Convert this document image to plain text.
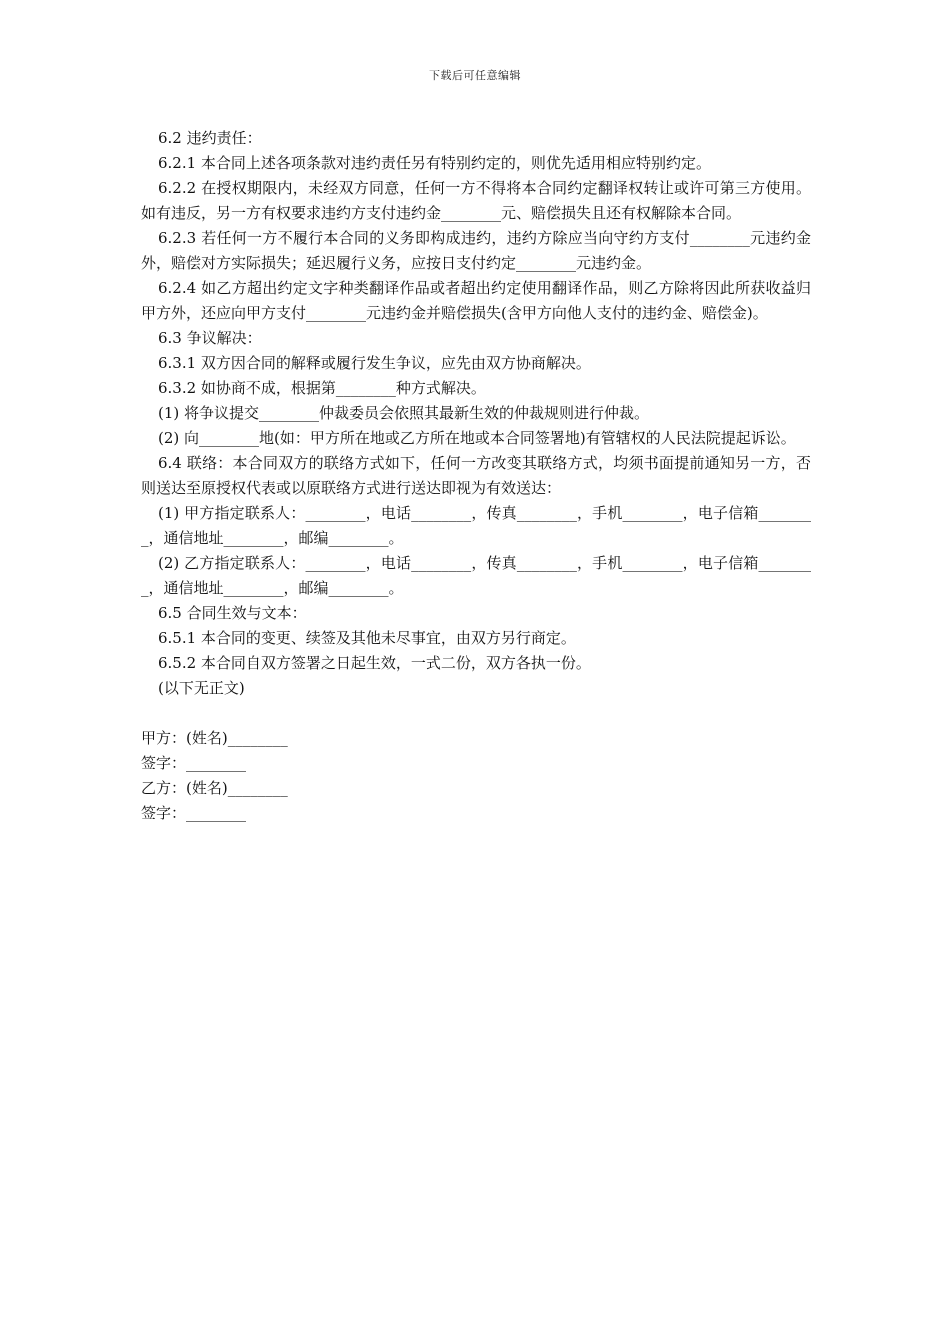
下载后可任意编辑

6.2 违约责任：

6.2.1 本合同上述各项条款对违约责任另有特别约定的，则优先适用相应特别约定。

6.2.2 在授权期限内，未经双方同意，任何一方不得将本合同约定翻译权转让或许可第三方使用。如有违反，另一方有权要求违约方支付违约金________元、赔偿损失且还有权解除本合同。

6.2.3 若任何一方不履行本合同的义务即构成违约，违约方除应当向守约方支付________元违约金外，赔偿对方实际损失；延迟履行义务，应按日支付约定________元违约金。

6.2.4 如乙方超出约定文字种类翻译作品或者超出约定使用翻译作品，则乙方除将因此所获收益归甲方外，还应向甲方支付________元违约金并赔偿损失(含甲方向他人支付的违约金、赔偿金)。

6.3 争议解决：

6.3.1 双方因合同的解释或履行发生争议，应先由双方协商解决。

6.3.2 如协商不成，根据第________种方式解决。

(1) 将争议提交________仲裁委员会依照其最新生效的仲裁规则进行仲裁。

(2) 向________地(如：甲方所在地或乙方所在地或本合同签署地)有管辖权的人民法院提起诉讼。

6.4 联络：本合同双方的联络方式如下，任何一方改变其联络方式，均须书面提前通知另一方，否则送达至原授权代表或以原联络方式进行送达即视为有效送达：

(1) 甲方指定联系人：________，电话________，传真________，手机________，电子信箱________，通信地址________，邮编________。

(2) 乙方指定联系人：________，电话________，传真________，手机________，电子信箱________，通信地址________，邮编________。

6.5 合同生效与文本：

6.5.1 本合同的变更、续签及其他未尽事宜，由双方另行商定。

6.5.2 本合同自双方签署之日起生效，一式二份，双方各执一份。

(以下无正文)

甲方：(姓名)________

签字：________

乙方：(姓名)________

签字：________
